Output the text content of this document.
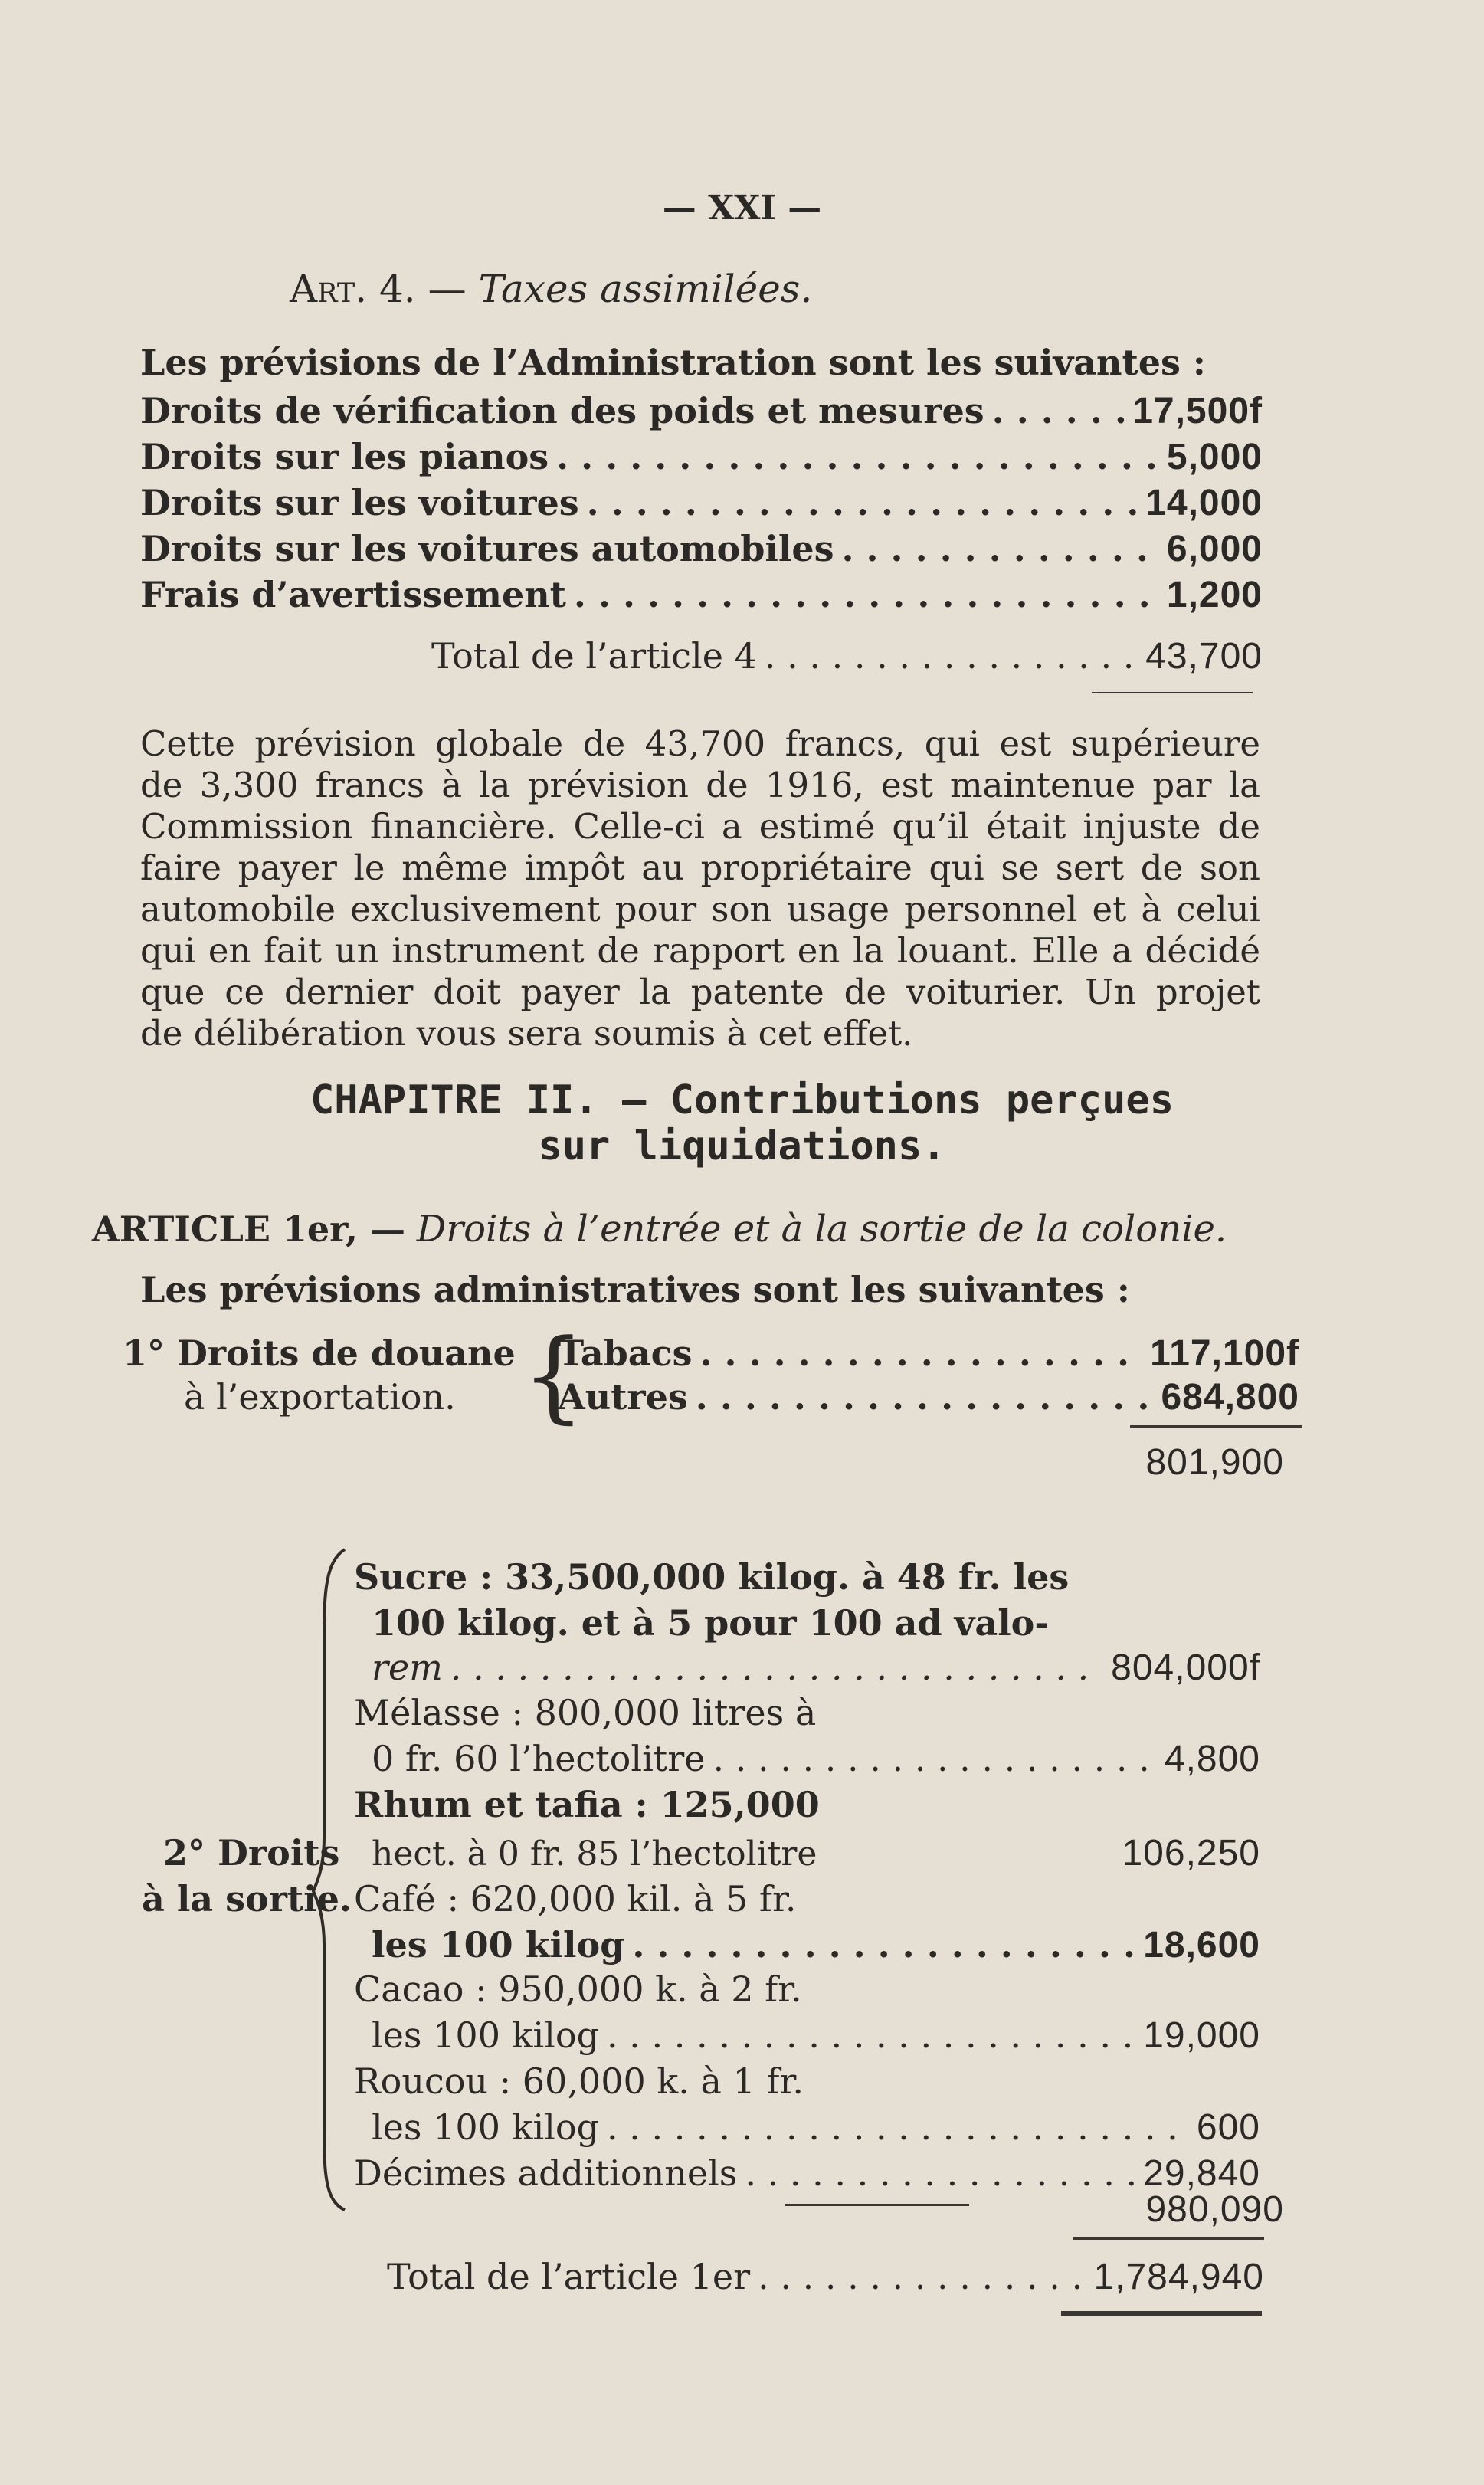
— XXI —
Art. 4. — Taxes assimilées.
Les prévisions de l’Administration sont les suivantes :
Droits de vérification des poids et mesures . . .	17,500f
Droits sur les pianos . . .	5,000
Droits sur les voitures . . .	14,000
Droits sur les voitures automobiles . . .	6,000
Frais d’avertissement . . .	1,200
Total de l’article 4 . . .	43,700
Cette prévision globale de 43,700 francs, qui est supérieure
de 3,300 francs à la prévision de 1916, est maintenue par la
Commission financière. Celle-ci a estimé qu’il était injuste de
faire payer le même impôt au propriétaire qui se sert de son
automobile exclusivement pour son usage personnel et à celui
qui en fait un instrument de rapport en la louant. Elle a décidé
que ce dernier doit payer la patente de voiturier. Un projet
de délibération vous sera soumis à cet effet.
CHAPITRE II. — Contributions perçues
sur liquidations.
ARTICLE 1er, — Droits à l’entrée et à la sortie de la colonie.
Les prévisions administratives sont les suivantes :
1° Droits de douane
à l’exportation. {
Tabacs . . .	117,100f
Autres . . .	684,800
801,900
2° Droits
à la sortie.
Sucre : 33,500,000 kilog. à 48 fr. les
100 kilog. et à 5 pour 100 ad valo-
rem . . .	804,000f
Mélasse : 800,000 litres à
0 fr. 60 l’hectolitre . . .	4,800
Rhum et tafia : 125,000
hect. à 0 fr. 85 l’hectolitre	106,250
Café : 620,000 kil. à 5 fr.
les 100 kilog . . .	18,600
Cacao : 950,000 k. à 2 fr.
les 100 kilog . . .	19,000
Roucou : 60,000 k. à 1 fr.
les 100 kilog . . .	600
Décimes additionnels . . .	29,840
980,090
Total de l’article 1er . . .	1,784,940
